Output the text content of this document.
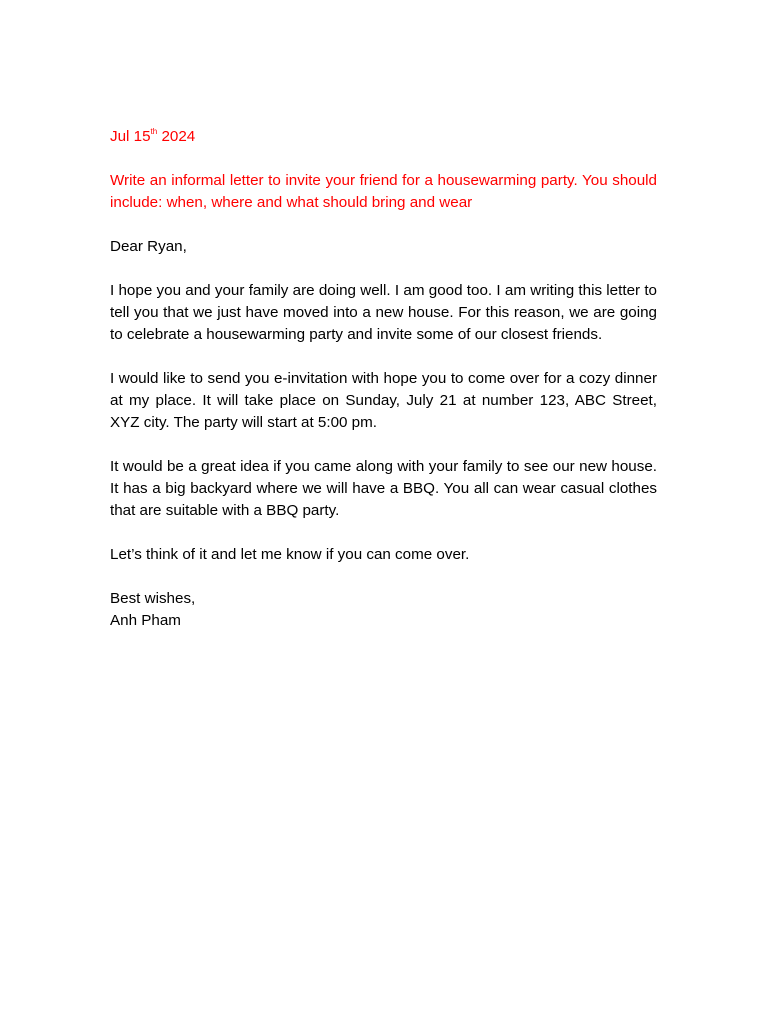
Jul 15th 2024

Write an informal letter to invite your friend for a housewarming party. You should include: when, where and what should bring and wear

Dear Ryan,

I hope you and your family are doing well. I am good too. I am writing this letter to tell you that we just have moved into a new house. For this reason, we are going to celebrate a housewarming party and invite some of our closest friends.

I would like to send you e-invitation with hope you to come over for a cozy dinner at my place. It will take place on Sunday, July 21 at number 123, ABC Street, XYZ city. The party will start at 5:00 pm.

It would be a great idea if you came along with your family to see our new house. It has a big backyard where we will have a BBQ. You all can wear casual clothes that are suitable with a BBQ party.

Let’s think of it and let me know if you can come over.

Best wishes,
Anh Pham
